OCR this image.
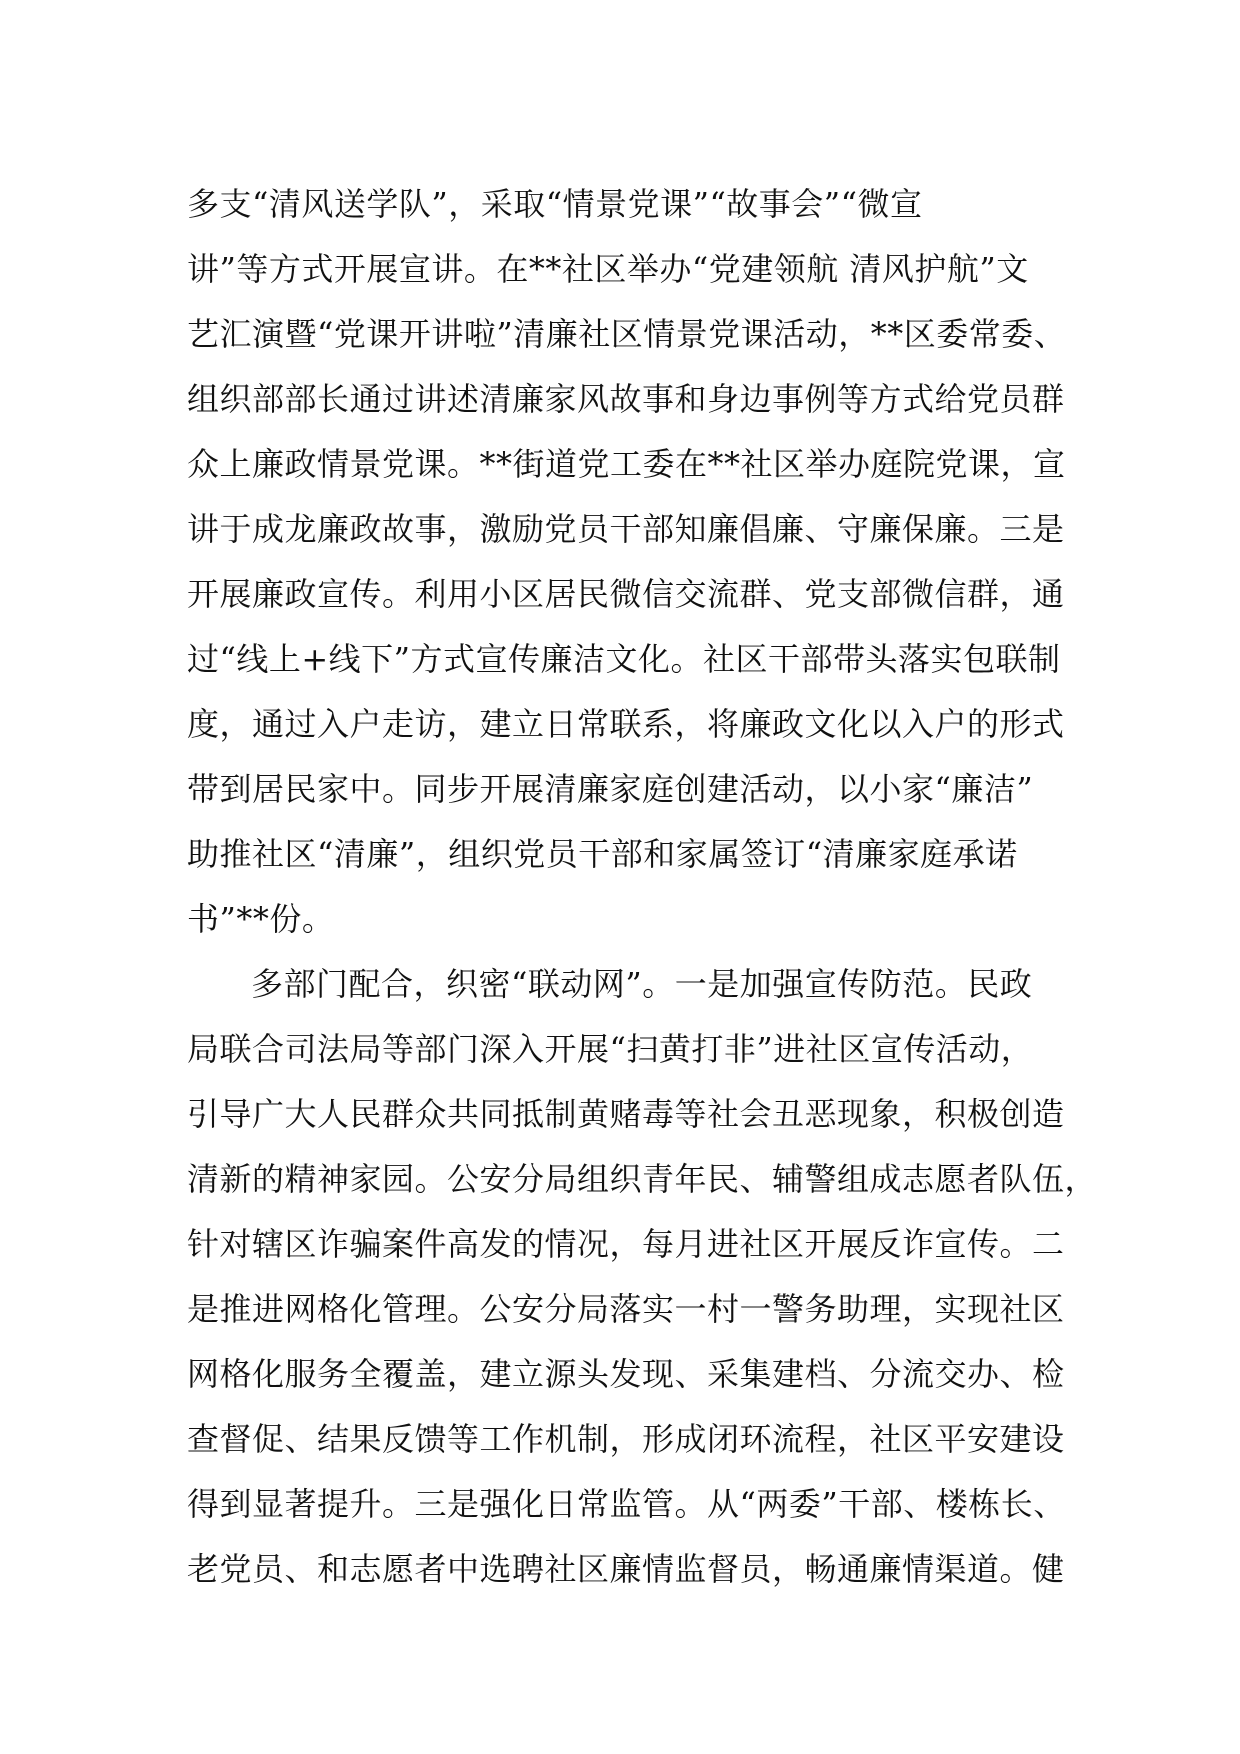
多支“清风送学队”，采取“情景党课”“故事会”“微宣
讲”等方式开展宣讲。在**社区举办“党建领航 清风护航”文
艺汇演暨“党课开讲啦”清廉社区情景党课活动，**区委常委、
组织部部长通过讲述清廉家风故事和身边事例等方式给党员群
众上廉政情景党课。**街道党工委在**社区举办庭院党课，宣
讲于成龙廉政故事，激励党员干部知廉倡廉、守廉保廉。三是
开展廉政宣传。利用小区居民微信交流群、党支部微信群，通
过“线上+线下”方式宣传廉洁文化。社区干部带头落实包联制
度，通过入户走访，建立日常联系，将廉政文化以入户的形式
带到居民家中。同步开展清廉家庭创建活动，以小家“廉洁”
助推社区“清廉”，组织党员干部和家属签订“清廉家庭承诺
书”**份。
多部门配合，织密“联动网”。一是加强宣传防范。民政
局联合司法局等部门深入开展“扫黄打非”进社区宣传活动，
引导广大人民群众共同抵制黄赌毒等社会丑恶现象，积极创造
清新的精神家园。公安分局组织青年民、辅警组成志愿者队伍，
针对辖区诈骗案件高发的情况，每月进社区开展反诈宣传。二
是推进网格化管理。公安分局落实一村一警务助理，实现社区
网格化服务全覆盖，建立源头发现、采集建档、分流交办、检
查督促、结果反馈等工作机制，形成闭环流程，社区平安建设
得到显著提升。三是强化日常监管。从“两委”干部、楼栋长、
老党员、和志愿者中选聘社区廉情监督员，畅通廉情渠道。健
